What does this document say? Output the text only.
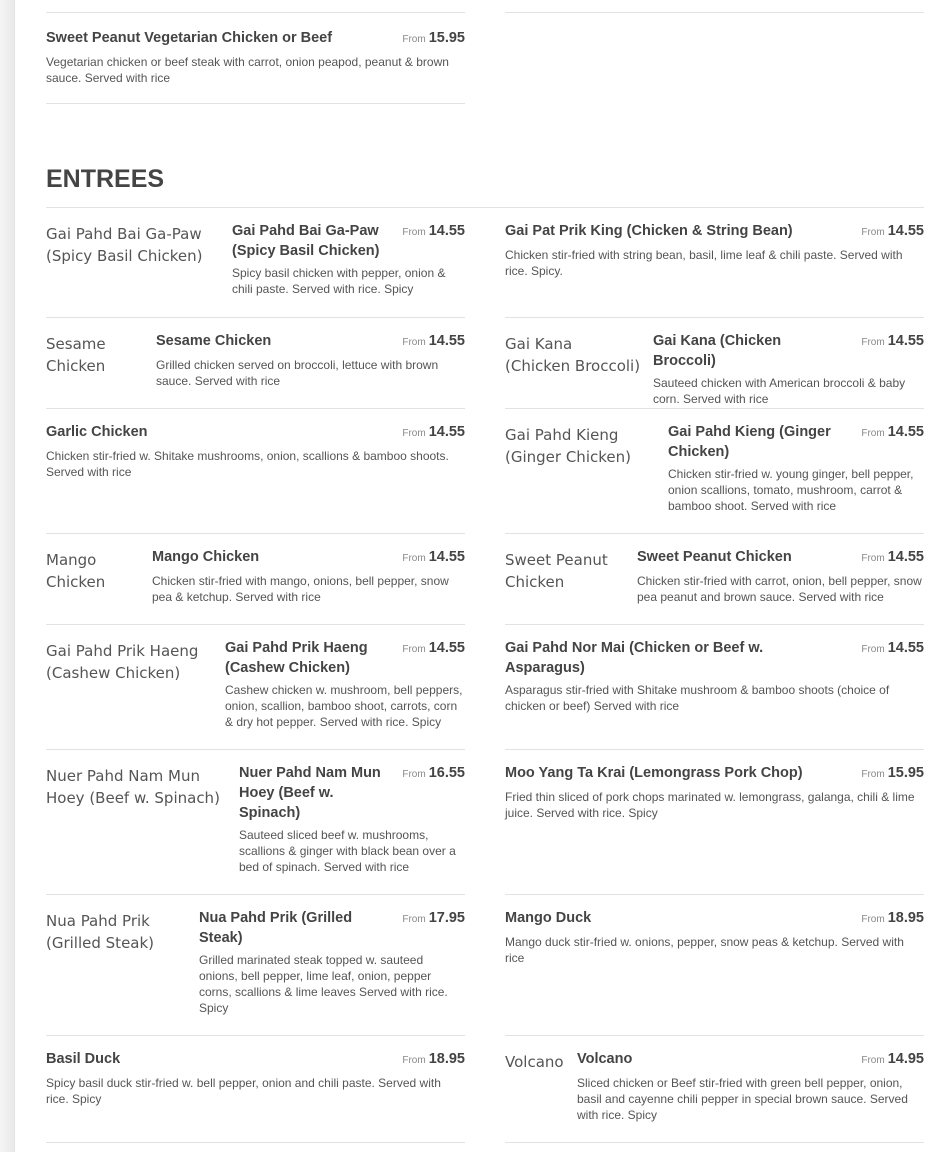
Sweet Peanut Vegetarian Chicken or Beef	From 15.95
Vegetarian chicken or beef steak with carrot, onion peapod, peanut & brown sauce. Served with rice
ENTREES
Gai Pahd Bai Ga-Paw (Spicy Basil Chicken)
Gai Pahd Bai Ga-Paw (Spicy Basil Chicken)
From 14.55
Spicy basil chicken with pepper, onion & chili paste. Served with rice. Spicy
Gai Pat Prik King (Chicken & String Bean)	From 14.55
Chicken stir-fried with string bean, basil, lime leaf & chili paste. Served with rice. Spicy.
Sesame Chicken
Sesame Chicken	From 14.55
Grilled chicken served on broccoli, lettuce with brown sauce. Served with rice
Gai Kana (Chicken Broccoli)
Gai Kana (Chicken Broccoli)
From 14.55
Sauteed chicken with American broccoli & baby corn. Served with rice
Garlic Chicken	From 14.55
Chicken stir-fried w. Shitake mushrooms, onion, scallions & bamboo shoots. Served with rice
Gai Pahd Kieng (Ginger Chicken)
Gai Pahd Kieng (Ginger Chicken)
From 14.55
Chicken stir-fried w. young ginger, bell pepper, onion scallions, tomato, mushroom, carrot & bamboo shoot. Served with rice
Mango Chicken
Mango Chicken	From 14.55
Chicken stir-fried with mango, onions, bell pepper, snow pea & ketchup. Served with rice
Sweet Peanut Chicken
Sweet Peanut Chicken	From 14.55
Chicken stir-fried with carrot, onion, bell pepper, snow pea peanut and brown sauce. Served with rice
Gai Pahd Prik Haeng (Cashew Chicken)
Gai Pahd Prik Haeng (Cashew Chicken)
From 14.55
Cashew chicken w. mushroom, bell peppers, onion, scallion, bamboo shoot, carrots, corn & dry hot pepper. Served with rice. Spicy
Gai Pahd Nor Mai (Chicken or Beef w. Asparagus)
From 14.55
Asparagus stir-fried with Shitake mushroom & bamboo shoots (choice of chicken or beef) Served with rice
Nuer Pahd Nam Mun Hoey (Beef w. Spinach)
Nuer Pahd Nam Mun Hoey (Beef w. Spinach)
From 16.55
Sauteed sliced beef w. mushrooms, scallions & ginger with black bean over a bed of spinach. Served with rice
Moo Yang Ta Krai (Lemongrass Pork Chop)	From 15.95
Fried thin sliced of pork chops marinated w. lemongrass, galanga, chili & lime juice. Served with rice. Spicy
Nua Pahd Prik (Grilled Steak)
Nua Pahd Prik (Grilled Steak)
From 17.95
Grilled marinated steak topped w. sauteed onions, bell pepper, lime leaf, onion, pepper corns, scallions & lime leaves Served with rice. Spicy
Mango Duck	From 18.95
Mango duck stir-fried w. onions, pepper, snow peas & ketchup. Served with rice
Basil Duck	From 18.95
Spicy basil duck stir-fried w. bell pepper, onion and chili paste. Served with rice. Spicy
Volcano Volcano	From 14.95
Sliced chicken or Beef stir-fried with green bell pepper, onion, basil and cayenne chili pepper in special brown sauce. Served with rice. Spicy
